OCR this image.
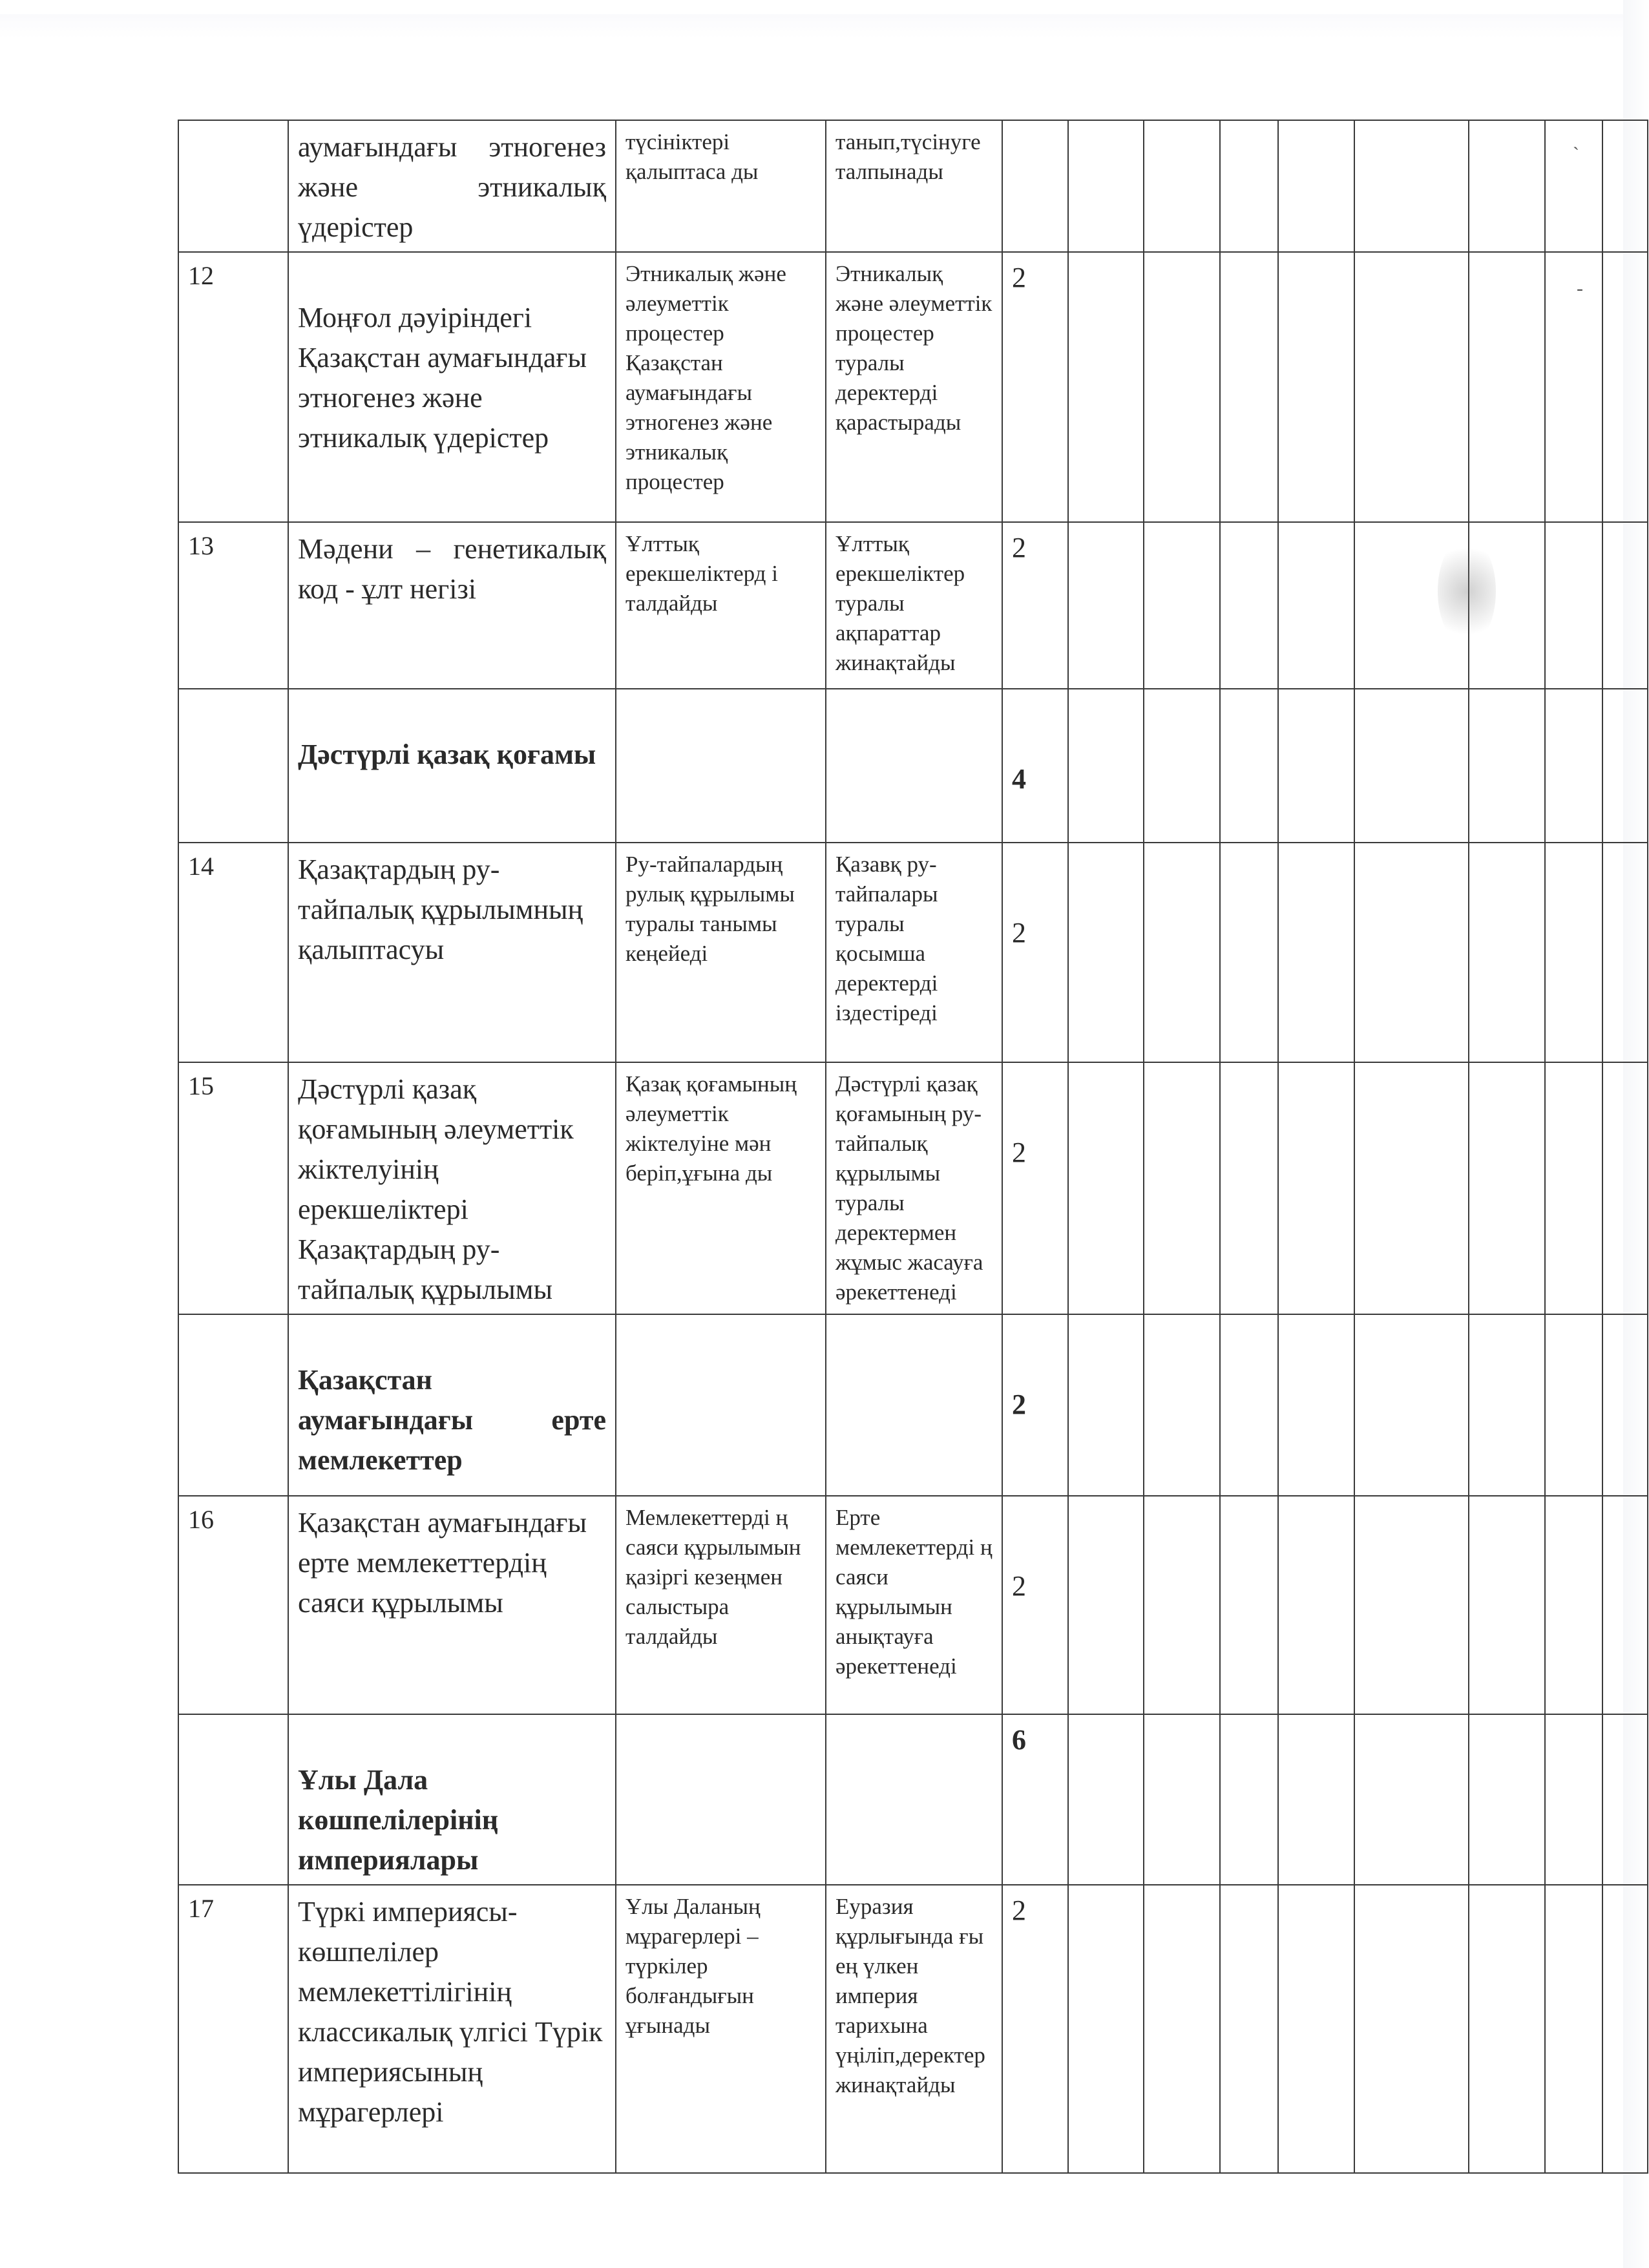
	аумағындағы этногенез және этникалық үдерістер	түсініктері қалыптаса ды	танып,түсінуге талпынады									
12	Моңғол дәуіріндегі Қазақстан аумағындағы этногенез және этникалық үдерістер	Этникалық және әлеуметтік процестер Қазақстан аумағындағы этногенез және этникалық процестер	Этникалық және әлеуметтік процестер туралы деректерді қарастырады	2								
13	Мәдени – генетикалық код - ұлт негізі	Ұлттық ерекшеліктерд і талдайды	Ұлттық ерекшеліктер туралы ақпараттар жинақтайды	2								
	Дәстүрлі қазақ қоғамы			4								
14	Қазақтардың ру-тайпалық құрылымның қалыптасуы	Ру-тайпалардың рулық құрылымы туралы танымы кеңейеді	Қазавқ ру-тайпалары туралы қосымша деректерді іздестіреді	2								
15	Дәстүрлі қазақ қоғамының әлеуметтік жіктелуінің ерекшеліктері Қазақтардың ру-тайпалық құрылымы	Қазақ қоғамының әлеуметтік жіктелуіне мән беріп,ұғына ды	Дәстүрлі қазақ қоғамының ру-тайпалық құрылымы туралы деректермен жұмыс жасауға әрекеттенеді	2								
	Қазақстан аумағындағы ерте мемлекеттер			2								
16	Қазақстан аумағындағы ерте мемлекеттердің саяси құрылымы	Мемлекеттерді ң саяси құрылымын қазіргі кезеңмен салыстыра талдайды	Ерте мемлекеттерді ң саяси құрылымын анықтауға әрекеттенеді	2								
	Ұлы Дала көшпелілерінің империялары			6								
17	Түркі империясы-көшпелілер мемлекеттілігінің классикалық үлгісі Түрік империясының мұрагерлері	Ұлы Даланың мұрагерлері – түркілер болғандығын ұғынады	Еуразия құрлығында ғы ең үлкен империя тарихына үңіліп,деректер жинақтайды	2								
ˋ
-
